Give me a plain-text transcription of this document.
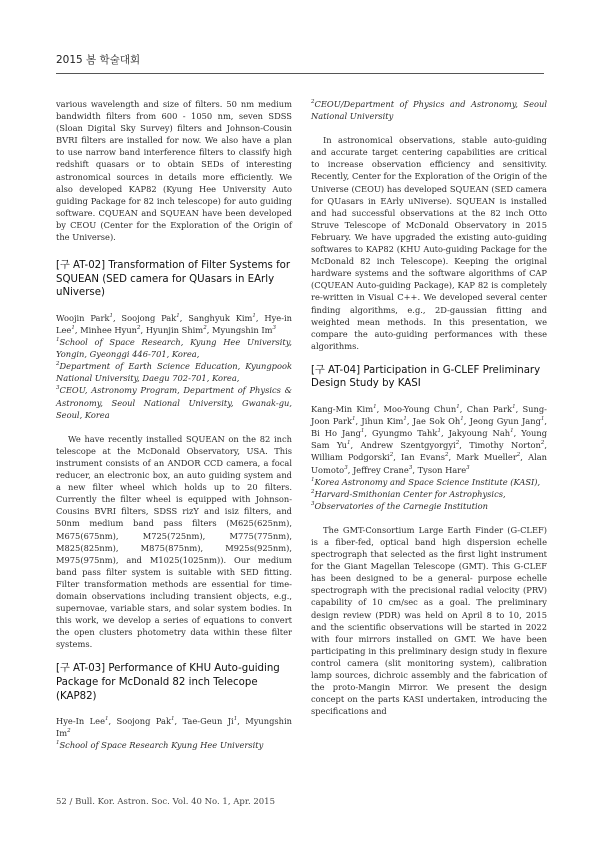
2015 봄 학술대회

various wavelength and size of filters. 50 nm medium bandwidth filters from 600 - 1050 nm, seven SDSS (Sloan Digital Sky Survey) filters and Johnson-Cousin BVRI filters are installed for now. We also have a plan to use narrow band interference filters to classify high redshift quasars or to obtain SEDs of interesting astronomical sources in details more efficiently. We also developed KAP82 (Kyung Hee University Auto guiding Package for 82 inch telescope) for auto guiding software. CQUEAN and SQUEAN have been developed by CEOU (Center for the Exploration of the Origin of the Universe).

[구 AT-02] Transformation of Filter Systems for SQUEAN (SED camera for QUasars in EArly uNiverse)

Woojin Park$^1$, Soojong Pak$^1$, Sanghyuk Kim$^1$, Hye-in Lee$^1$, Minhee Hyun$^2$, Hyunjin Shim$^2$, Myungshin Im$^3$

$^1$School of Space Research, Kyung Hee University, Yongin, Gyeonggi 446-701, Korea,

$^2$Department of Earth Science Education, Kyungpook National University, Daegu 702-701, Korea,

$^3$CEOU, Astronomy Program, Department of Physics & Astronomy, Seoul National University, Gwanak-gu, Seoul, Korea

We have recently installed SQUEAN on the 82 inch telescope at the McDonald Observatory, USA. This instrument consists of an ANDOR CCD camera, a focal reducer, an electronic box, an auto guiding system and a new filter wheel which holds up to 20 filters. Currently the filter wheel is equipped with Johnson-Cousins BVRI filters, SDSS rizY and isiz filters, and 50nm medium band pass filters (M625(625nm), M675(675nm), M725(725nm), M775(775nm), M825(825nm), M875(875nm), M925s(925nm), M975(975nm), and M1025(1025nm)). Our medium band pass filter system is suitable with SED fitting. Filter transformation methods are essential for time-domain observations including transient objects, e.g., supernovae, variable stars, and solar system bodies. In this work, we develop a series of equations to convert the open clusters photometry data within these filter systems.

[구 AT-03] Performance of KHU Auto-guiding Package for McDonald 82 inch Telecope (KAP82)

Hye-In Lee$^1$, Soojong Pak$^1$, Tae-Geun Ji$^1$, Myungshin Im$^2$

$^1$School of Space Research Kyung Hee University

$^2$CEOU/Department of Physics and Astronomy, Seoul National University

In astronomical observations, stable auto-guiding and accurate target centering capabilities are critical to increase observation efficiency and sensitivity. Recently, Center for the Exploration of the Origin of the Universe (CEOU) has developed SQUEAN (SED camera for QUasars in EArly uNiverse). SQUEAN is installed and had successful observations at the 82 inch Otto Struve Telescope of McDonald Observatory in 2015 February. We have upgraded the existing auto-guiding softwares to KAP82 (KHU Auto-guiding Package for the McDonald 82 inch Telescope). Keeping the original hardware systems and the software algorithms of CAP (CQUEAN Auto-guiding Package), KAP 82 is completely re-written in Visual C++. We developed several center finding algorithms, e.g., 2D-gaussian fitting and weighted mean methods. In this presentation, we compare the auto-guiding performances with these algorithms.

[구 AT-04] Participation in G-CLEF Preliminary Design Study by KASI

Kang-Min Kim$^1$, Moo-Young Chun$^1$, Chan Park$^1$, Sung-Joon Park$^1$, Jihun Kim$^1$, Jae Sok Oh$^1$, Jeong Gyun Jang$^1$, Bi Ho Jang$^1$, Gyungmo Tahk$^1$, Jakyoung Nah$^1$, Young Sam Yu$^1$, Andrew Szentgyorgyi$^2$, Timothy Norton$^2$, William Podgorski$^2$, Ian Evans$^2$, Mark Mueller$^2$, Alan Uomoto$^3$, Jeffrey Crane$^3$, Tyson Hare$^3$

$^1$Korea Astronomy and Space Science Institute (KASI),

$^2$Harvard-Smithonian Center for Astrophysics,

$^3$Observatories of the Carnegie Institution

The GMT-Consortium Large Earth Finder (G-CLEF) is a fiber-fed, optical band high dispersion echelle spectrograph that selected as the first light instrument for the Giant Magellan Telescope (GMT). This G-CLEF has been designed to be a general- purpose echelle spectrograph with the precisional radial velocity (PRV) capability of 10 cm/sec as a goal. The preliminary design review (PDR) was held on April 8 to 10, 2015 and the scientific observations will be started in 2022 with four mirrors installed on GMT. We have been participating in this preliminary design study in flexure control camera (slit monitoring system), calibration lamp sources, dichroic assembly and the fabrication of the proto-Mangin Mirror. We present the design concept on the parts KASI undertaken, introducing the specifications and

52 / Bull. Kor. Astron. Soc. Vol. 40 No. 1, Apr. 2015
